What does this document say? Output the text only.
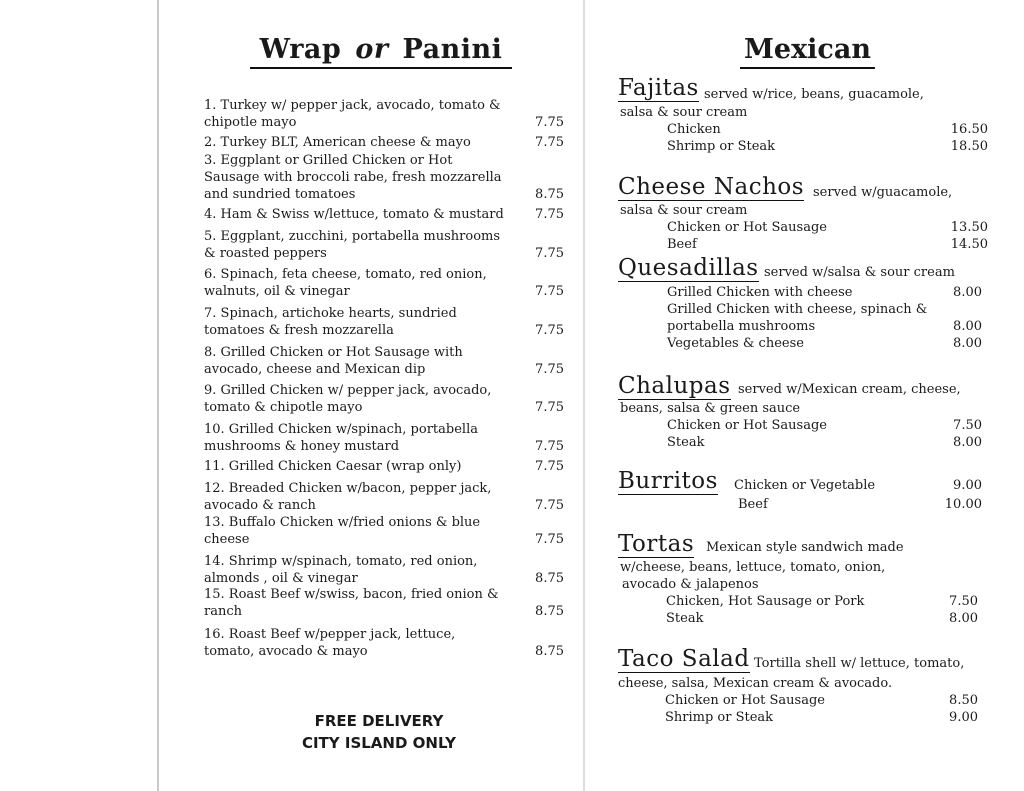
Wrap or Panini
1. Turkey w/ pepper jack, avocado, tomato & chipotle mayo	7.75
2. Turkey BLT, American cheese & mayo	7.75
3. Eggplant or Grilled Chicken or Hot Sausage with broccoli rabe, fresh mozzarella and sundried tomatoes	8.75
4. Ham & Swiss w/lettuce, tomato & mustard 7.75
5. Eggplant, zucchini, portabella mushrooms & roasted peppers	7.75
6. Spinach, feta cheese, tomato, red onion, walnuts, oil & vinegar	7.75
7. Spinach, artichoke hearts, sundried tomatoes & fresh mozzarella	7.75
8. Grilled Chicken or Hot Sausage with avocado, cheese and Mexican dip	7.75
9. Grilled Chicken w/ pepper jack, avocado, tomato & chipotle mayo	7.75
10. Grilled Chicken w/spinach, portabella mushrooms & honey mustard	7.75
11. Grilled Chicken Caesar (wrap only)	7.75
12. Breaded Chicken w/bacon, pepper jack, avocado & ranch	7.75
13. Buffalo Chicken w/fried onions & blue cheese	7.75
14. Shrimp w/spinach, tomato, red onion, almonds , oil & vinegar	8.75
15. Roast Beef w/swiss, bacon, fried onion & ranch	8.75
16. Roast Beef w/pepper jack, lettuce, tomato, avocado & mayo	8.75
FREE DELIVERY
CITY ISLAND ONLY
Mexican
Fajitas served w/rice, beans, guacamole,
salsa & sour cream
Chicken	16.50
Shrimp or Steak	18.50
Cheese Nachos served w/guacamole,
salsa & sour cream
Chicken or Hot Sausage	13.50
Beef	14.50
Quesadillas served w/salsa & sour cream
Grilled Chicken with cheese	8.00
Grilled Chicken with cheese, spinach &
portabella mushrooms	8.00
Vegetables & cheese	8.00
Chalupas served w/Mexican cream, cheese,
beans, salsa & green sauce
Chicken or Hot Sausage	7.50
Steak	8.00
Burritos Chicken or Vegetable	9.00
Beef	10.00
Tortas Mexican style sandwich made
w/cheese, beans, lettuce, tomato, onion,
avocado & jalapenos
Chicken, Hot Sausage or Pork	7.50
Steak	8.00
Taco Salad Tortilla shell w/ lettuce, tomato,
cheese, salsa, Mexican cream & avocado.
Chicken or Hot Sausage	8.50
Shrimp or Steak	9.00
